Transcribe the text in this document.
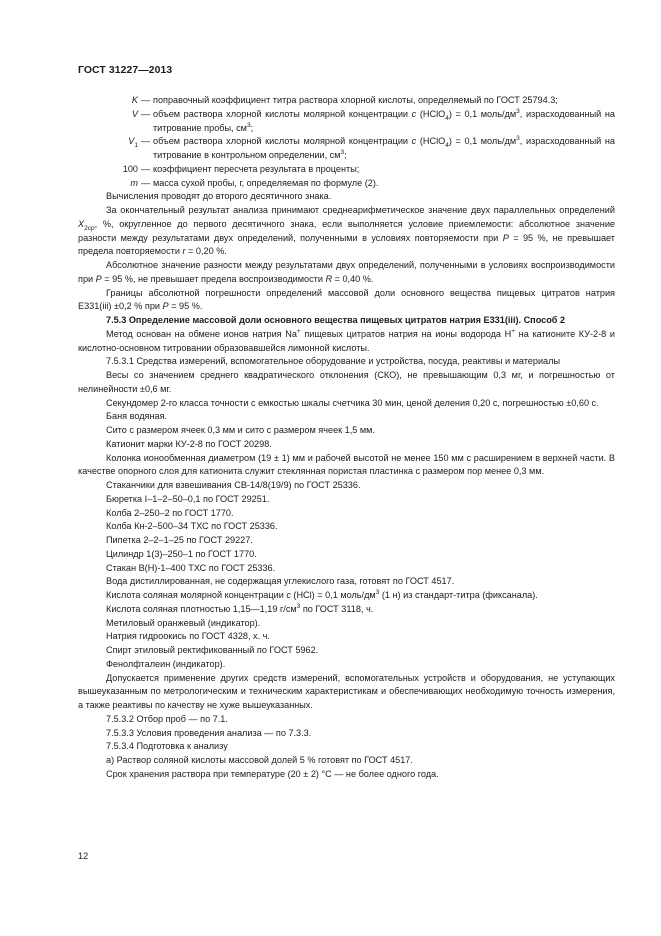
ГОСТ 31227—2013
K — поправочный коэффициент титра раствора хлорной кислоты, определяемый по ГОСТ 25794.3;
V — объем раствора хлорной кислоты молярной концентрации c (HClO$_4$) = 0,1 моль/$дм^3$, израсходованный на титрование пробы, $см^3$;
$V_1$ — объем раствора хлорной кислоты молярной концентрации c (HClO$_4$) = 0,1 моль/$дм^3$, израсходованный на титрование в контрольном определении, $см^3$;
100 — коэффициент пересчета результата в проценты;
m — масса сухой пробы, г, определяемая по формуле (2).

Вычисления проводят до второго десятичного знака.

За окончательный результат анализа принимают среднеарифметическое значение двух параллельных определений $X_{2ср}$, %, округленное до первого десятичного знака, если выполняется условие приемлемости: абсолютное значение разности между результатами двух определений, полученными в условиях повторяемости при P = 95 %, не превышает предела повторяемости r = 0,20 %.

Абсолютное значение разности между результатами двух определений, полученными в условиях воспроизводимости при P = 95 %, не превышает предела воспроизводимости R = 0,40 %.

Границы абсолютной погрешности определений массовой доли основного вещества пищевых цитратов натрия Е331(iii) ±0,2 % при P = 95 %.

7.5.3 Определение массовой доли основного вещества пищевых цитратов натрия Е331(iii). Способ 2

Метод основан на обмене ионов натрия Na+ пищевых цитратов натрия на ионы водорода H+ на катионите КУ-2-8 и кислотно-основном титровании образовавшейся лимонной кислоты.

7.5.3.1 Средства измерений, вспомогательное оборудование и устройства, посуда, реактивы и материалы

Весы со значением среднего квадратического отклонения (СКО), не превышающим 0,3 мг, и погрешностью от нелинейности ±0,6 мг.

Секундомер 2-го класса точности с емкостью шкалы счетчика 30 мин, ценой деления 0,20 с, погрешностью ±0,60 с.

Баня водяная.

Сито с размером ячеек 0,3 мм и сито с размером ячеек 1,5 мм.

Катионит марки КУ-2-8 по ГОСТ 20298.

Колонка ионообменная диаметром (19 ± 1) мм и рабочей высотой не менее 150 мм с расширением в верхней части. В качестве опорного слоя для катионита служит стеклянная пористая пластинка с размером пор менее 0,3 мм.

Стаканчики для взвешивания СВ-14/8(19/9) по ГОСТ 25336.

Бюретка I–1–2–50–0,1 по ГОСТ 29251.

Колба 2–250–2 по ГОСТ 1770.

Колба Кн-2–500–34 ТХС по ГОСТ 25336.

Пипетка 2–2–1–25 по ГОСТ 29227.

Цилиндр 1(3)–250–1 по ГОСТ 1770.

Стакан В(Н)-1–400 ТХС по ГОСТ 25336.

Вода дистиллированная, не содержащая углекислого газа, готовят по ГОСТ 4517.

Кислота соляная молярной концентрации c (HCl) = 0,1 моль/$дм^3$ (1 н) из стандарт-титра (фиксанала).

Кислота соляная плотностью 1,15—1,19 $г/см^3$ по ГОСТ 3118, ч.

Метиловый оранжевый (индикатор).

Натрия гидроокись по ГОСТ 4328, х. ч.

Спирт этиловый ректификованный по ГОСТ 5962.

Фенолфталеин (индикатор).

Допускается применение других средств измерений, вспомогательных устройств и оборудования, не уступающих вышеуказанным по метрологическим и техническим характеристикам и обеспечивающих необходимую точность измерения, а также реактивы по качеству не хуже вышеуказанных.

7.5.3.2 Отбор проб — по 7.1.

7.5.3.3 Условия проведения анализа — по 7.3.3.

7.5.3.4 Подготовка к анализу

а) Раствор соляной кислоты массовой долей 5 % готовят по ГОСТ 4517.

Срок хранения раствора при температуре (20 ± 2) °C — не более одного года.

12
